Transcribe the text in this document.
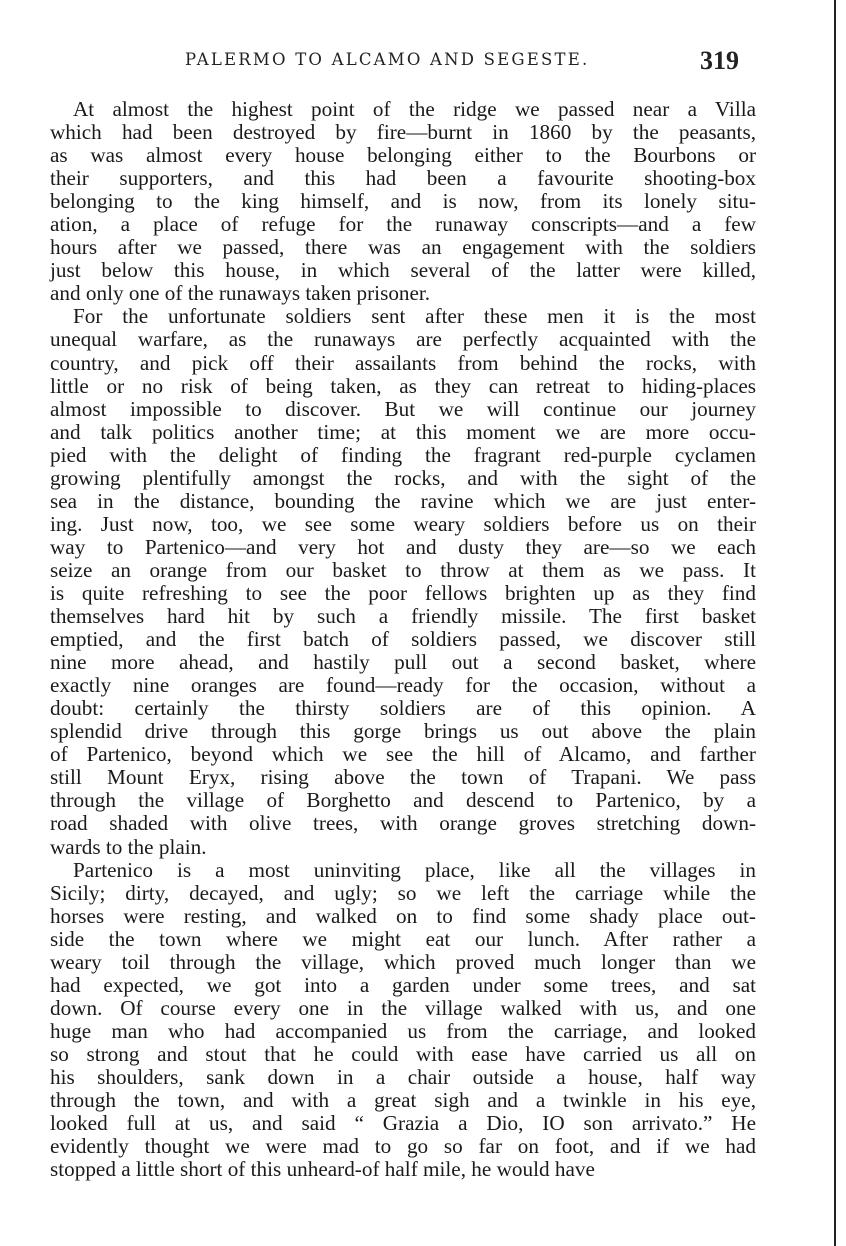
PALERMO TO ALCAMO AND SEGESTE.	319

At almost the highest point of the ridge we passed near a Villa
which had been destroyed by fire—burnt in 1860 by the peasants,
as was almost every house belonging either to the Bourbons or
their supporters, and this had been a favourite shooting-box
belonging to the king himself, and is now, from its lonely situ-
ation, a place of refuge for the runaway conscripts—and a few
hours after we passed, there was an engagement with the soldiers
just below this house, in which several of the latter were killed,
and only one of the runaways taken prisoner.

For the unfortunate soldiers sent after these men it is the most
unequal warfare, as the runaways are perfectly acquainted with the
country, and pick off their assailants from behind the rocks, with
little or no risk of being taken, as they can retreat to hiding-places
almost impossible to discover. But we will continue our journey
and talk politics another time; at this moment we are more occu-
pied with the delight of finding the fragrant red-purple cyclamen
growing plentifully amongst the rocks, and with the sight of the
sea in the distance, bounding the ravine which we are just enter-
ing. Just now, too, we see some weary soldiers before us on their
way to Partenico—and very hot and dusty they are—so we each
seize an orange from our basket to throw at them as we pass. It
is quite refreshing to see the poor fellows brighten up as they find
themselves hard hit by such a friendly missile. The first basket
emptied, and the first batch of soldiers passed, we discover still
nine more ahead, and hastily pull out a second basket, where
exactly nine oranges are found—ready for the occasion, without a
doubt: certainly the thirsty soldiers are of this opinion. A
splendid drive through this gorge brings us out above the plain
of Partenico, beyond which we see the hill of Alcamo, and farther
still Mount Eryx, rising above the town of Trapani. We pass
through the village of Borghetto and descend to Partenico, by a
road shaded with olive trees, with orange groves stretching down-
wards to the plain.

Partenico is a most uninviting place, like all the villages in
Sicily; dirty, decayed, and ugly; so we left the carriage while the
horses were resting, and walked on to find some shady place out-
side the town where we might eat our lunch. After rather a
weary toil through the village, which proved much longer than we
had expected, we got into a garden under some trees, and sat
down. Of course every one in the village walked with us, and one
huge man who had accompanied us from the carriage, and looked
so strong and stout that he could with ease have carried us all on
his shoulders, sank down in a chair outside a house, half way
through the town, and with a great sigh and a twinkle in his eye,
looked full at us, and said “ Grazia a Dio, IO son arrivato.” He
evidently thought we were mad to go so far on foot, and if we had
stopped a little short of this unheard-of half mile, he would have
